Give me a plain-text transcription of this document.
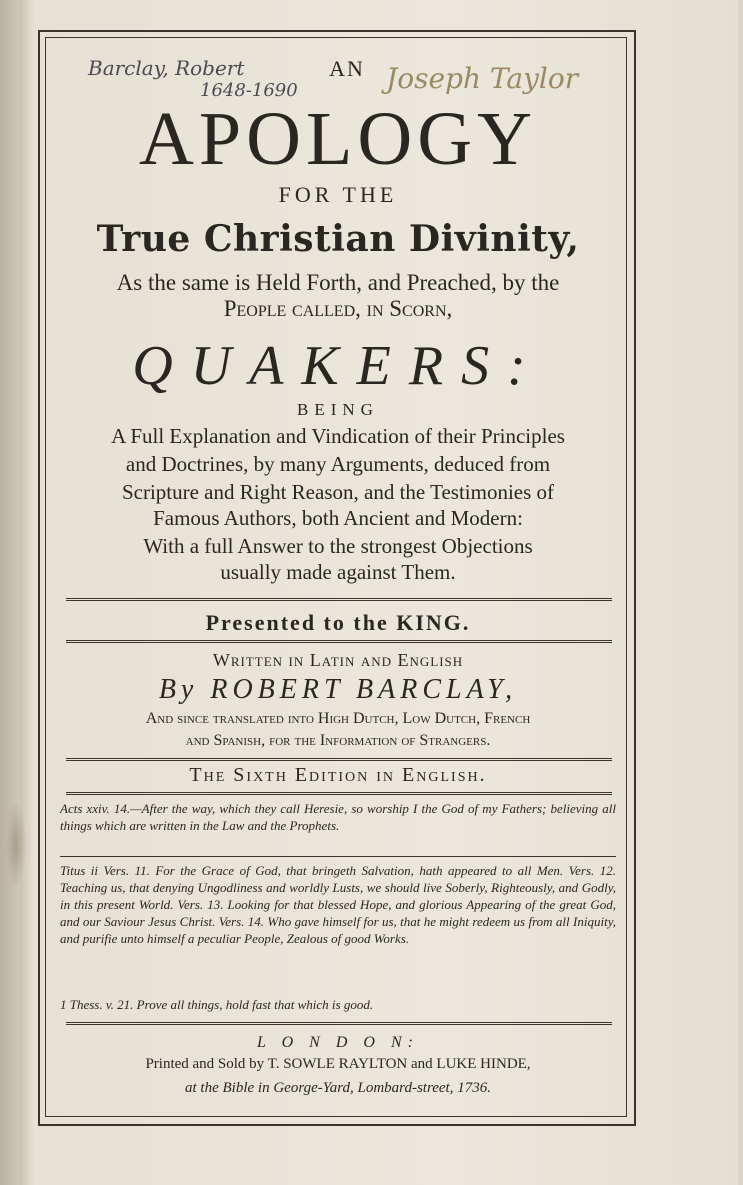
Barclay, Robert
1648-1690	Joseph Taylor
AN
APOLOGY
FOR THE
True Christian Divinity,
As the same is Held Forth, and Preached, by the
People called, in Scorn,
QUAKERS:
BEING
A Full Explanation and Vindication of their Principles
and Doctrines, by many Arguments, deduced from
Scripture and Right Reason, and the Testimonies of
Famous Authors, both Ancient and Modern:
With a full Answer to the strongest Objections
usually made against Them.
Presented to the KING.
Written in Latin and English
By ROBERT BARCLAY,
And since translated into High Dutch, Low Dutch, French
and Spanish, for the Information of Strangers.
The Sixth Edition in English.
Acts xxiv. 14.—After the way, which they call Heresie, so worship I the God of my Fathers; believing all things which are written in the Law and the Prophets.
Titus ii Vers. 11. For the Grace of God, that bringeth Salvation, hath appeared to all Men. Vers. 12. Teaching us, that denying Ungodliness and worldly Lusts, we should live Soberly, Righteously, and Godly, in this present World. Vers. 13. Looking for that blessed Hope, and glorious Appearing of the great God, and our Saviour Jesus Christ. Vers. 14. Who gave himself for us, that he might redeem us from all Iniquity, and purifie unto himself a peculiar People, Zealous of good Works.
1 Thess. v. 21. Prove all things, hold fast that which is good.
L O N D O N:
Printed and Sold by T. SOWLE RAYLTON and LUKE HINDE,
at the Bible in George-Yard, Lombard-street, 1736.
